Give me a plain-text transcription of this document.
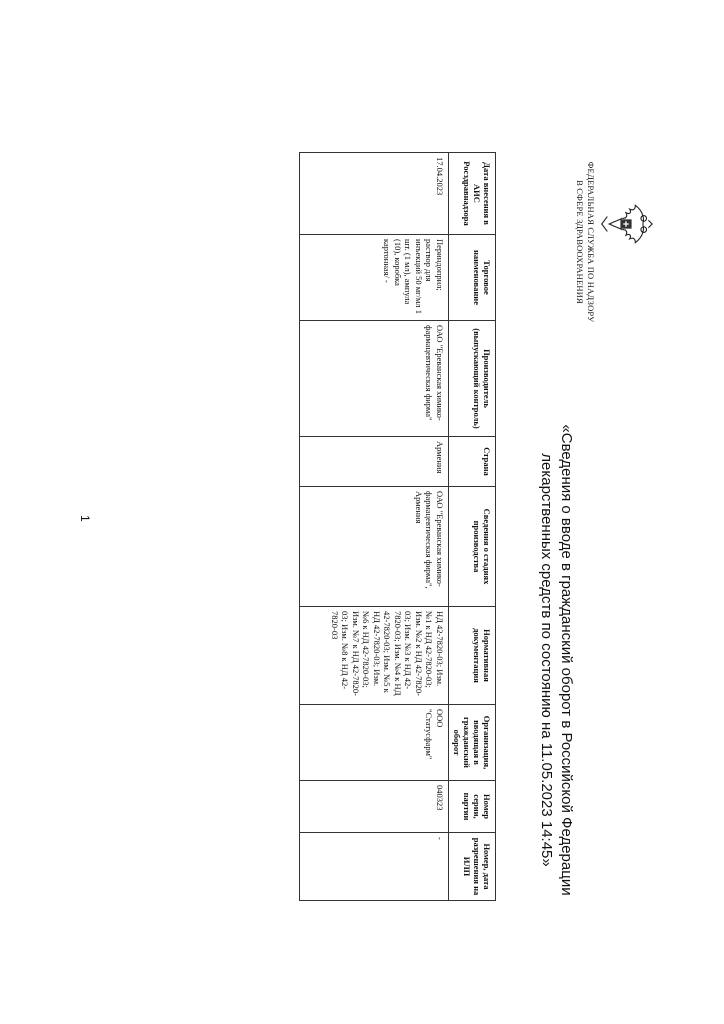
ФЕДЕРАЛЬНАЯ СЛУЖБА ПО НАДЗОРУ
В СФЕРЕ ЗДРАВООХРАНЕНИЯ
«Сведения о вводе в гражданский оборот в Российской Федерации
лекарственных средств по состоянию на 11.05.2023 14:45»
Дата внесения в АИС Росздравнадзора	Торговое наименование	Производитель (выпускающий контроль)	Страна	Сведения о стадиях производства	Нормативная документация	Организация, вводящая в гражданский оборот	Номер серии, партии	Номер, дата разрешения на ИЛП
17.04.2023	Периндоприл; раствор для инъекций 50 мг/мл 1 шт. (1 мл), ампула (10), коробка картонная/ -	ОАО "Ереванская химико-фармацевтическая фирма"	Армения	ОАО "Ереванская химико-фармацевтическая фирма", Армения	НД 42-7820-03; Изм. №1 к НД 42-7820-03; Изм. №2 к НД 42-7820-03; Изм. №3 к НД 42-7820-03; Изм. №4 к НД 42-7820-03; Изм. №5 к НД 42-7820-03; Изм. №6 к НД 42-7820-03; Изм. №7 к НД 42-7820-03; Изм. №8 к НД 42-7820-03	ООО "Статусфарм"	040323	-
1
